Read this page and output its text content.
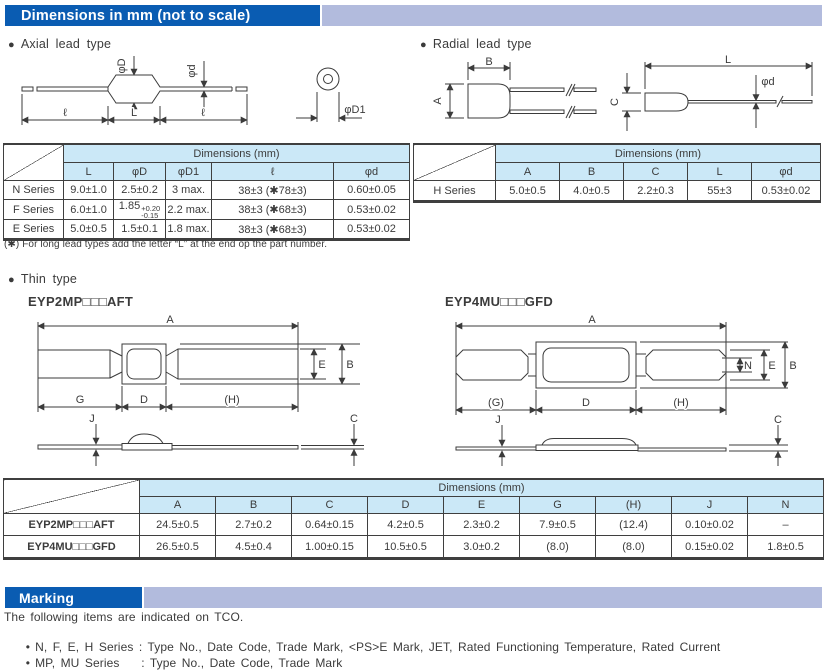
Dimensions in mm (not to scale)
● Axial lead type
φD	φd
ℓ	L	ℓ	φD1
	Dimensions (mm)				
	L	φD	φD1	ℓ	φd
N Series	9.0±1.0	2.5±0.2	3 max.	38±3 (✱78±3)	0.60±0.05
F Series	6.0±1.0	1.85 +0.20
-0.15	2.2 max.	38±3 (✱68±3)	0.53±0.02
E Series	5.0±0.5	1.5±0.1	1.8 max.	38±3 (✱68±3)	0.53±0.02
(✱) For long lead types add the letter “L” at the end op the part number.
● Radial lead type
B
A
L
C
φd
	Dimensions (mm)				
	A	B	C	L	φd
H Series	5.0±0.5	4.0±0.5	2.2±0.3	55±3	0.53±0.02
● Thin type
EYP2MP□□□AFT	EYP4MU□□□GFD
A
E B
G	D	(H)
J	C
A
N E B
(G)	D	(H)
J	C
	Dimensions (mm)								
	A	B	C	D	E	G	(H)	J	N
EYP2MP□□□AFT	24.5±0.5	2.7±0.2	0.64±0.15	4.2±0.5	2.3±0.2	7.9±0.5	(12.4)	0.10±0.02	–
EYP4MU□□□GFD	26.5±0.5	4.5±0.4	1.00±0.15	10.5±0.5	3.0±0.2	(8.0)	(8.0)	0.15±0.02	1.8±0.5
Marking
The following items are indicated on TCO.

• N, F, E, H Series : Type No., Date Code, Trade Mark, <PS>E Mark, JET, Rated Functioning Temperature, Rated Current

• MP, MU Series    : Type No., Date Code, Trade Mark
